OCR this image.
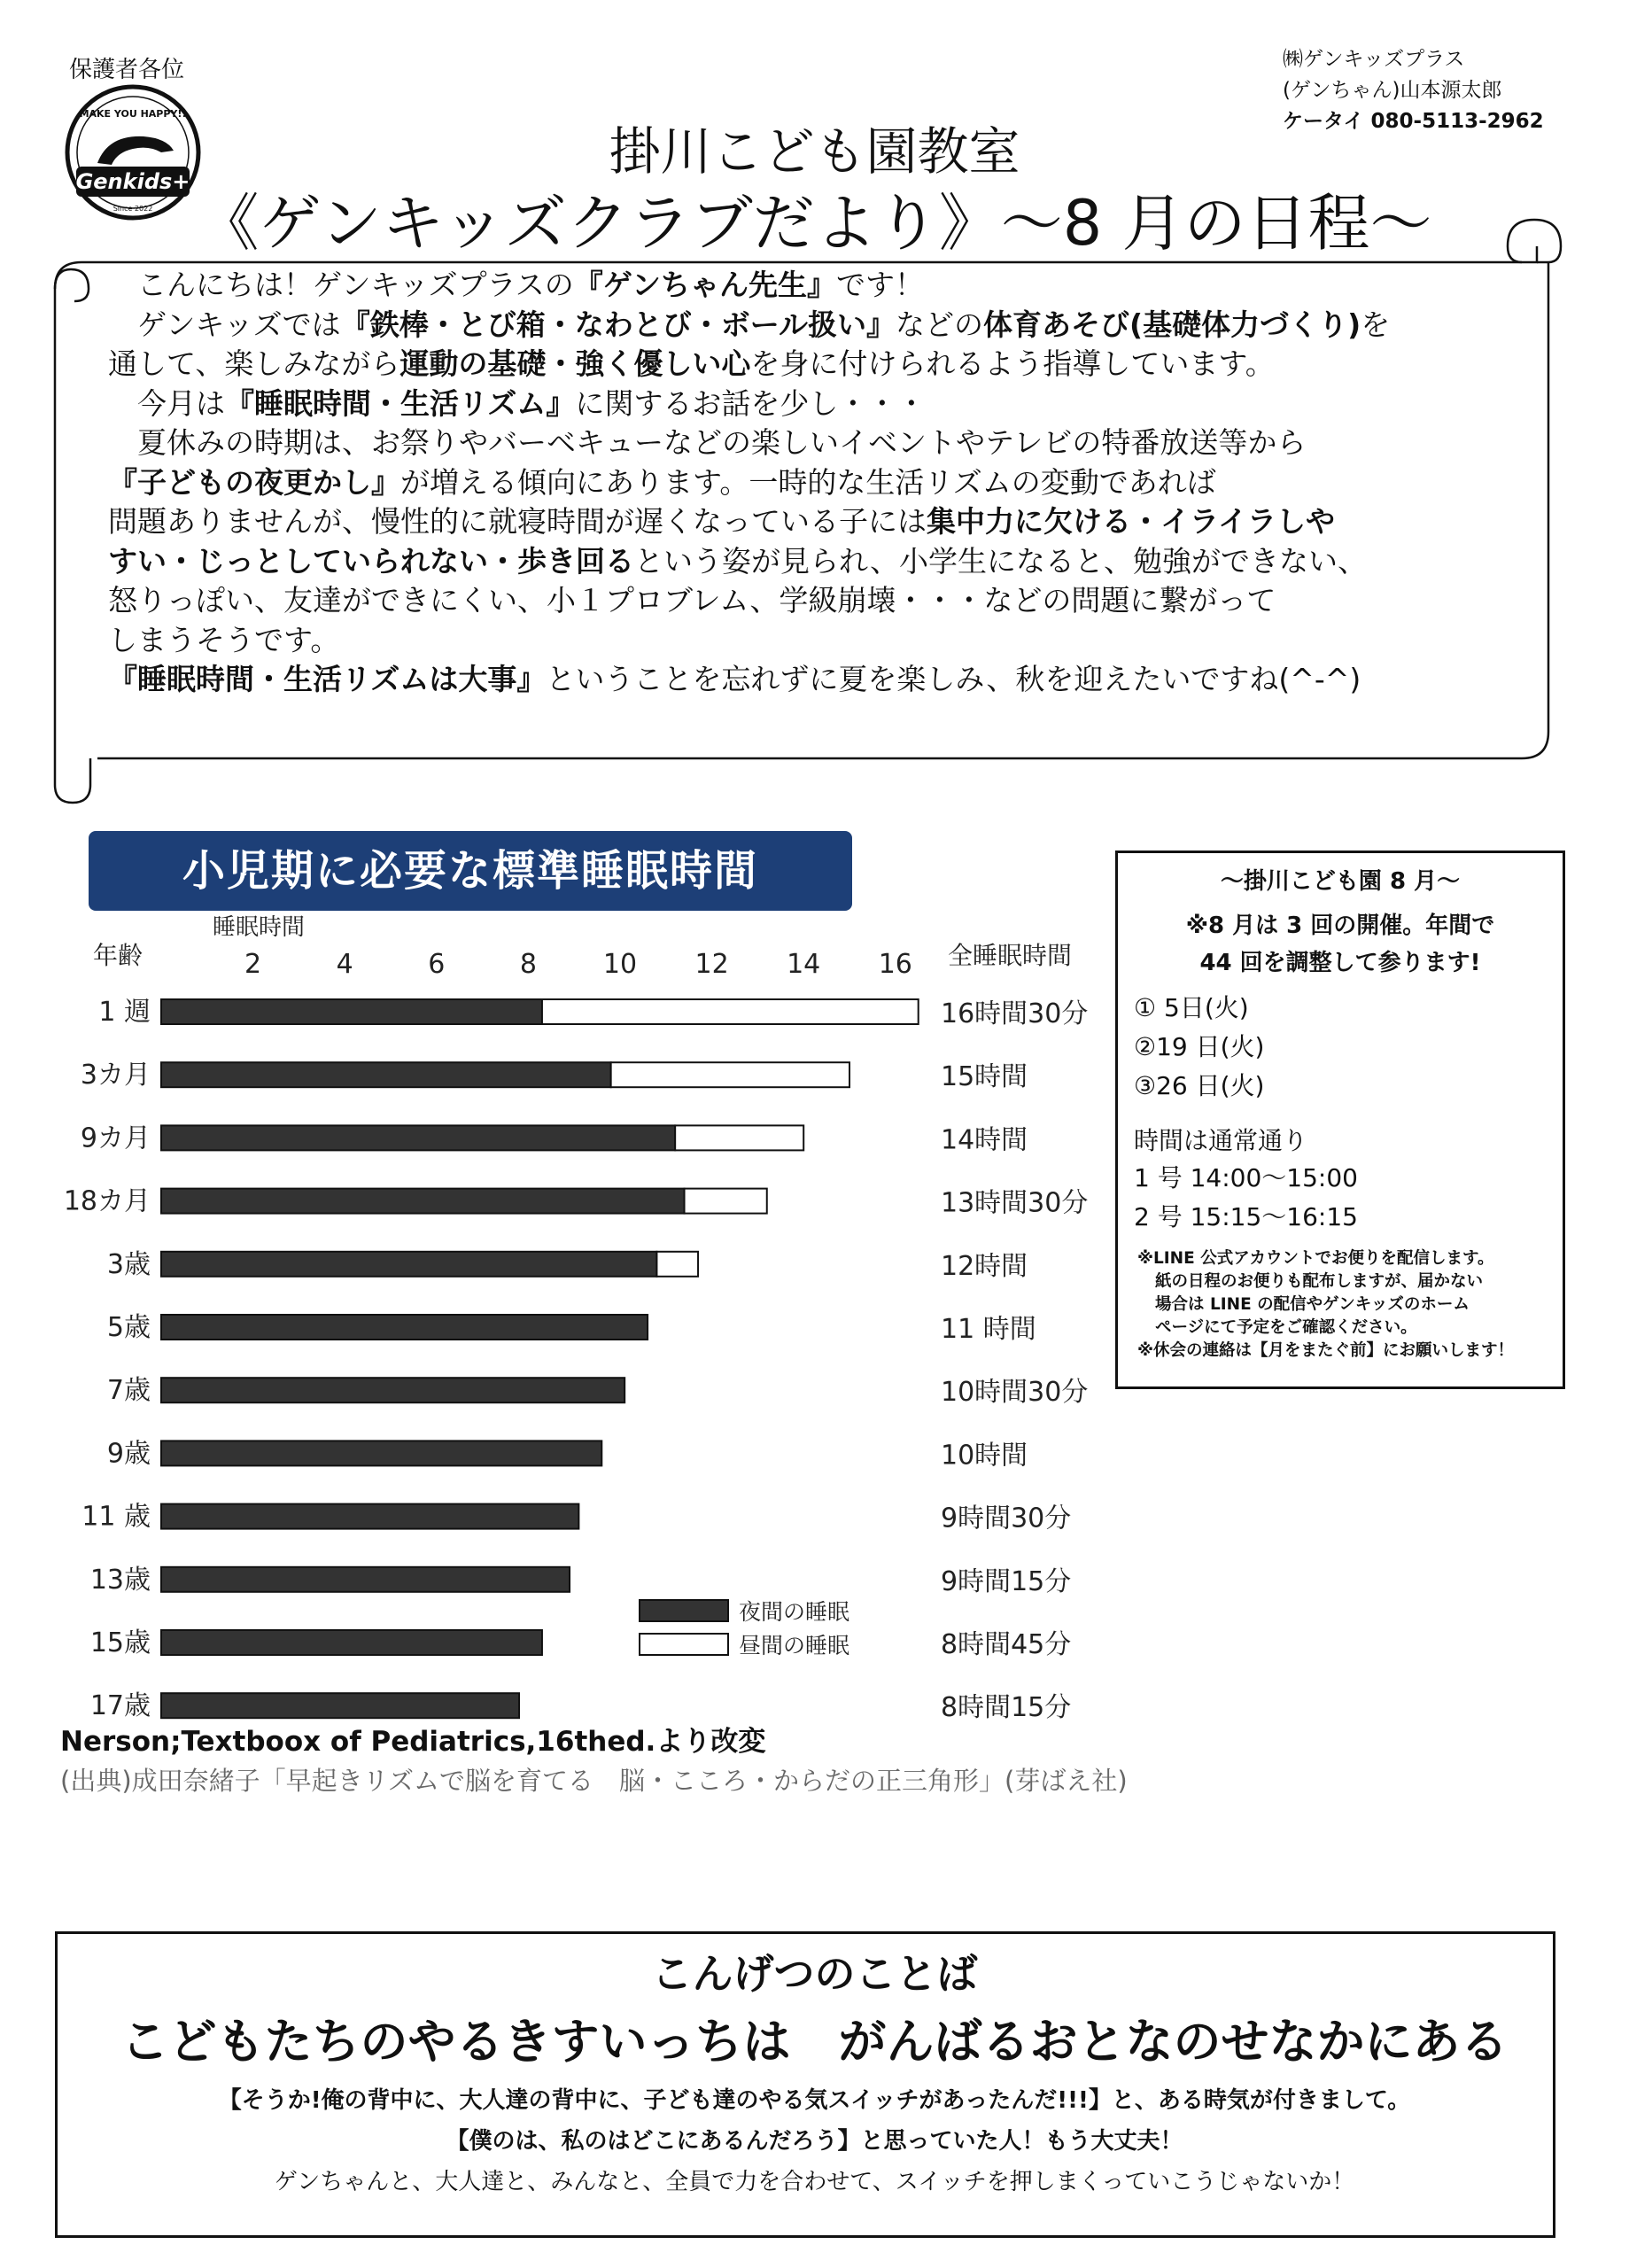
保護者各位
Genkids+
MAKE YOU HAPPY!!
Since 2022
㈱ゲンキッズプラス
(ゲンちゃん)山本源太郎
ケータイ 080-5113-2962
掛川こども園教室
《ゲンキッズクラブだより》～8 月の日程～

　こんにちは！ゲンキッズプラスの『ゲンちゃん先生』です！

　ゲンキッズでは『鉄棒・とび箱・なわとび・ボール扱い』などの体育あそび(基礎体力づくり)を

通して、楽しみながら運動の基礎・強く優しい心を身に付けられるよう指導しています。

　今月は『睡眠時間・生活リズム』に関するお話を少し・・・

　夏休みの時期は、お祭りやバーベキューなどの楽しいイベントやテレビの特番放送等から

『子どもの夜更かし』が増える傾向にあります。一時的な生活リズムの変動であれば

問題ありませんが、慢性的に就寝時間が遅くなっている子には集中力に欠ける・イライラしや

すい・じっとしていられない・歩き回るという姿が見られ、小学生になると、勉強ができない、

怒りっぽい、友達ができにくい、小１プロブレム、学級崩壊・・・などの問題に繋がって

しまうそうです。

『睡眠時間・生活リズムは大事』ということを忘れずに夏を楽しみ、秋を迎えたいですね(^-^)

小児期に必要な標準睡眠時間
年齢
睡眠時間
全睡眠時間
2	4	6	8 10 12 14 16
1 週	16時間30分
3カ月	15時間
9カ月	14時間
18カ月	13時間30分
3歳	12時間
5歳	11 時間
7歳	10時間30分
9歳	10時間
11 歳	9時間30分
13歳	9時間15分
15歳	8時間45分
17歳	8時間15分
夜間の睡眠
昼間の睡眠
Nerson;Textboox of Pediatrics,16thed.より改変
(出典)成田奈緒子「早起きリズムで脳を育てる　脳・こころ・からだの正三角形」(芽ばえ社)
～掛川こども園 8 月～
※8 月は 3 回の開催。年間で
44 回を調整して参ります!
① 5日(火)
②19 日(火)
③26 日(火)
時間は通常通り
1 号 14:00～15:00
2 号 15:15～16:15
※LINE 公式アカウントでお便りを配信します。
紙の日程のお便りも配布しますが、届かない
場合は LINE の配信やゲンキッズのホーム
ページにて予定をご確認ください。
※休会の連絡は【月をまたぐ前】にお願いします！
こんげつのことば
こどもたちのやるきすいっちは　がんばるおとなのせなかにある
【そうか!俺の背中に、大人達の背中に、子ども達のやる気スイッチがあったんだ!!!】と、ある時気が付きまして。
【僕のは、私のはどこにあるんだろう】と思っていた人！もう大丈夫！
ゲンちゃんと、大人達と、みんなと、全員で力を合わせて、スイッチを押しまくっていこうじゃないか！
